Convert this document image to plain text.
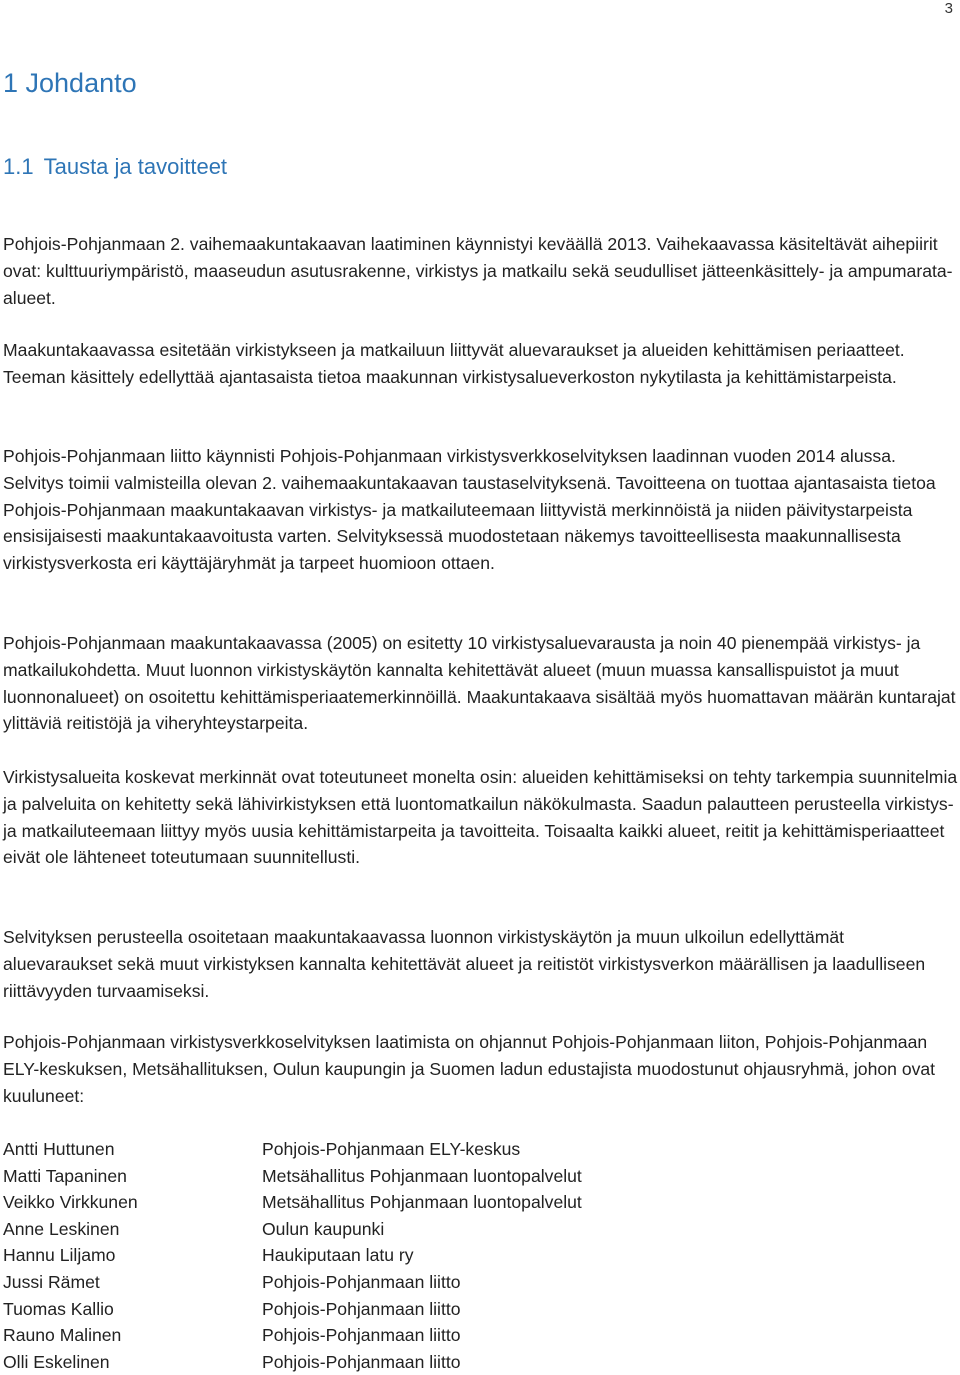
3
1 Johdanto
1.1 Tausta ja tavoitteet

Pohjois-Pohjanmaan 2. vaihemaakuntakaavan laatiminen käynnistyi keväällä 2013. Vaihekaavassa käsiteltävät aihepiirit ovat: kulttuuriympäristö, maaseudun asutusrakenne, virkistys ja matkailu sekä seudulliset jätteenkäsittely- ja ampumarata-alueet.

Maakuntakaavassa esitetään virkistykseen ja matkailuun liittyvät aluevaraukset ja alueiden kehittämisen periaatteet. Teeman käsittely edellyttää ajantasaista tietoa maakunnan virkistysalueverkoston nykytilasta ja kehittämistarpeista.

Pohjois-Pohjanmaan liitto käynnisti Pohjois-Pohjanmaan virkistysverkkoselvityksen laadinnan vuoden 2014 alussa. Selvitys toimii valmisteilla olevan 2. vaihemaakuntakaavan taustaselvityksenä. Tavoitteena on tuottaa ajantasaista tietoa Pohjois-Pohjanmaan maakuntakaavan virkistys- ja matkailuteemaan liittyvistä merkinnöistä ja niiden päivitystarpeista ensisijaisesti maakuntakaavoitusta varten. Selvityksessä muodostetaan näkemys tavoitteellisesta maakunnallisesta virkistysverkosta eri käyttäjäryhmät ja tarpeet huomioon ottaen.

Pohjois-Pohjanmaan maakuntakaavassa (2005) on esitetty 10 virkistysaluevarausta ja noin 40 pienempää virkistys- ja matkailukohdetta. Muut luonnon virkistyskäytön kannalta kehitettävät alueet (muun muassa kansallispuistot ja muut luonnonalueet) on osoitettu kehittämisperiaatemerkinnöillä. Maakuntakaava sisältää myös huomattavan määrän kuntarajat ylittäviä reitistöjä ja viheryhteystarpeita.

Virkistysalueita koskevat merkinnät ovat toteutuneet monelta osin: alueiden kehittämiseksi on tehty tarkempia suunnitelmia ja palveluita on kehitetty sekä lähivirkistyksen että luontomatkailun näkökulmasta. Saadun palautteen perusteella virkistys- ja matkailuteemaan liittyy myös uusia kehittämistarpeita ja tavoitteita. Toisaalta kaikki alueet, reitit ja kehittämisperiaatteet eivät ole lähteneet toteutumaan suunnitellusti.

Selvityksen perusteella osoitetaan maakuntakaavassa luonnon virkistyskäytön ja muun ulkoilun edellyttämät aluevaraukset sekä muut virkistyksen kannalta kehitettävät alueet ja reitistöt virkistysverkon määrällisen ja laadulliseen riittävyyden turvaamiseksi.

Pohjois-Pohjanmaan virkistysverkkoselvityksen laatimista on ohjannut Pohjois-Pohjanmaan liiton, Pohjois-Pohjanmaan ELY-keskuksen, Metsähallituksen, Oulun kaupungin ja Suomen ladun edustajista muodostunut ohjausryhmä, johon ovat kuuluneet:

Antti Huttunen	Pohjois-Pohjanmaan ELY-keskus
Matti Tapaninen	Metsähallitus Pohjanmaan luontopalvelut
Veikko Virkkunen	Metsähallitus Pohjanmaan luontopalvelut
Anne Leskinen	Oulun kaupunki
Hannu Liljamo	Haukiputaan latu ry
Jussi Rämet	Pohjois-Pohjanmaan liitto
Tuomas Kallio	Pohjois-Pohjanmaan liitto
Rauno Malinen	Pohjois-Pohjanmaan liitto
Olli Eskelinen	Pohjois-Pohjanmaan liitto
